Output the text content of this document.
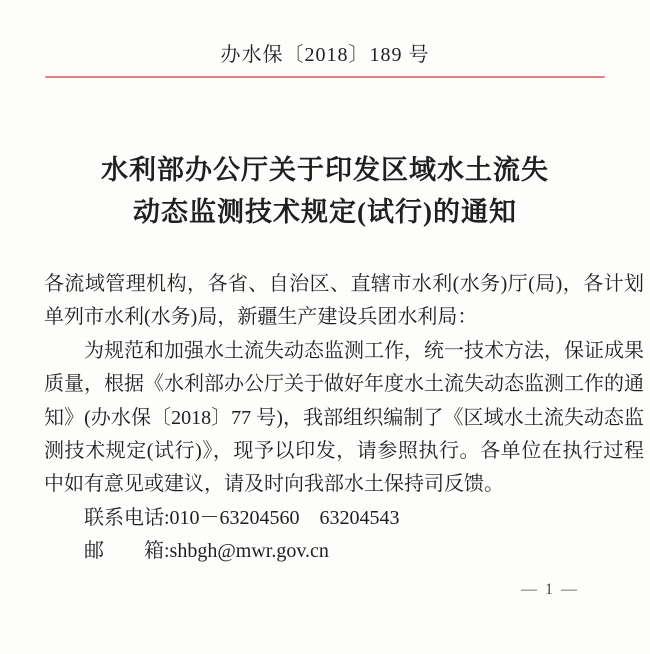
办水保〔2018〕189 号
水利部办公厅关于印发区域水土流失
动态监测技术规定(试行)的通知

各流域管理机构，各省、自治区、直辖市水利(水务)厅(局)，各计划单列市水利(水务)局，新疆生产建设兵团水利局：

为规范和加强水土流失动态监测工作，统一技术方法，保证成果质量，根据《水利部办公厅关于做好年度水土流失动态监测工作的通知》(办水保〔2018〕77 号)，我部组织编制了《区域水土流失动态监测技术规定(试行)》，现予以印发，请参照执行。各单位在执行过程中如有意见或建议，请及时向我部水土保持司反馈。

联系电话:010－63204560　63204543

邮　　箱:shbgh@mwr.gov.cn

— 1 —
